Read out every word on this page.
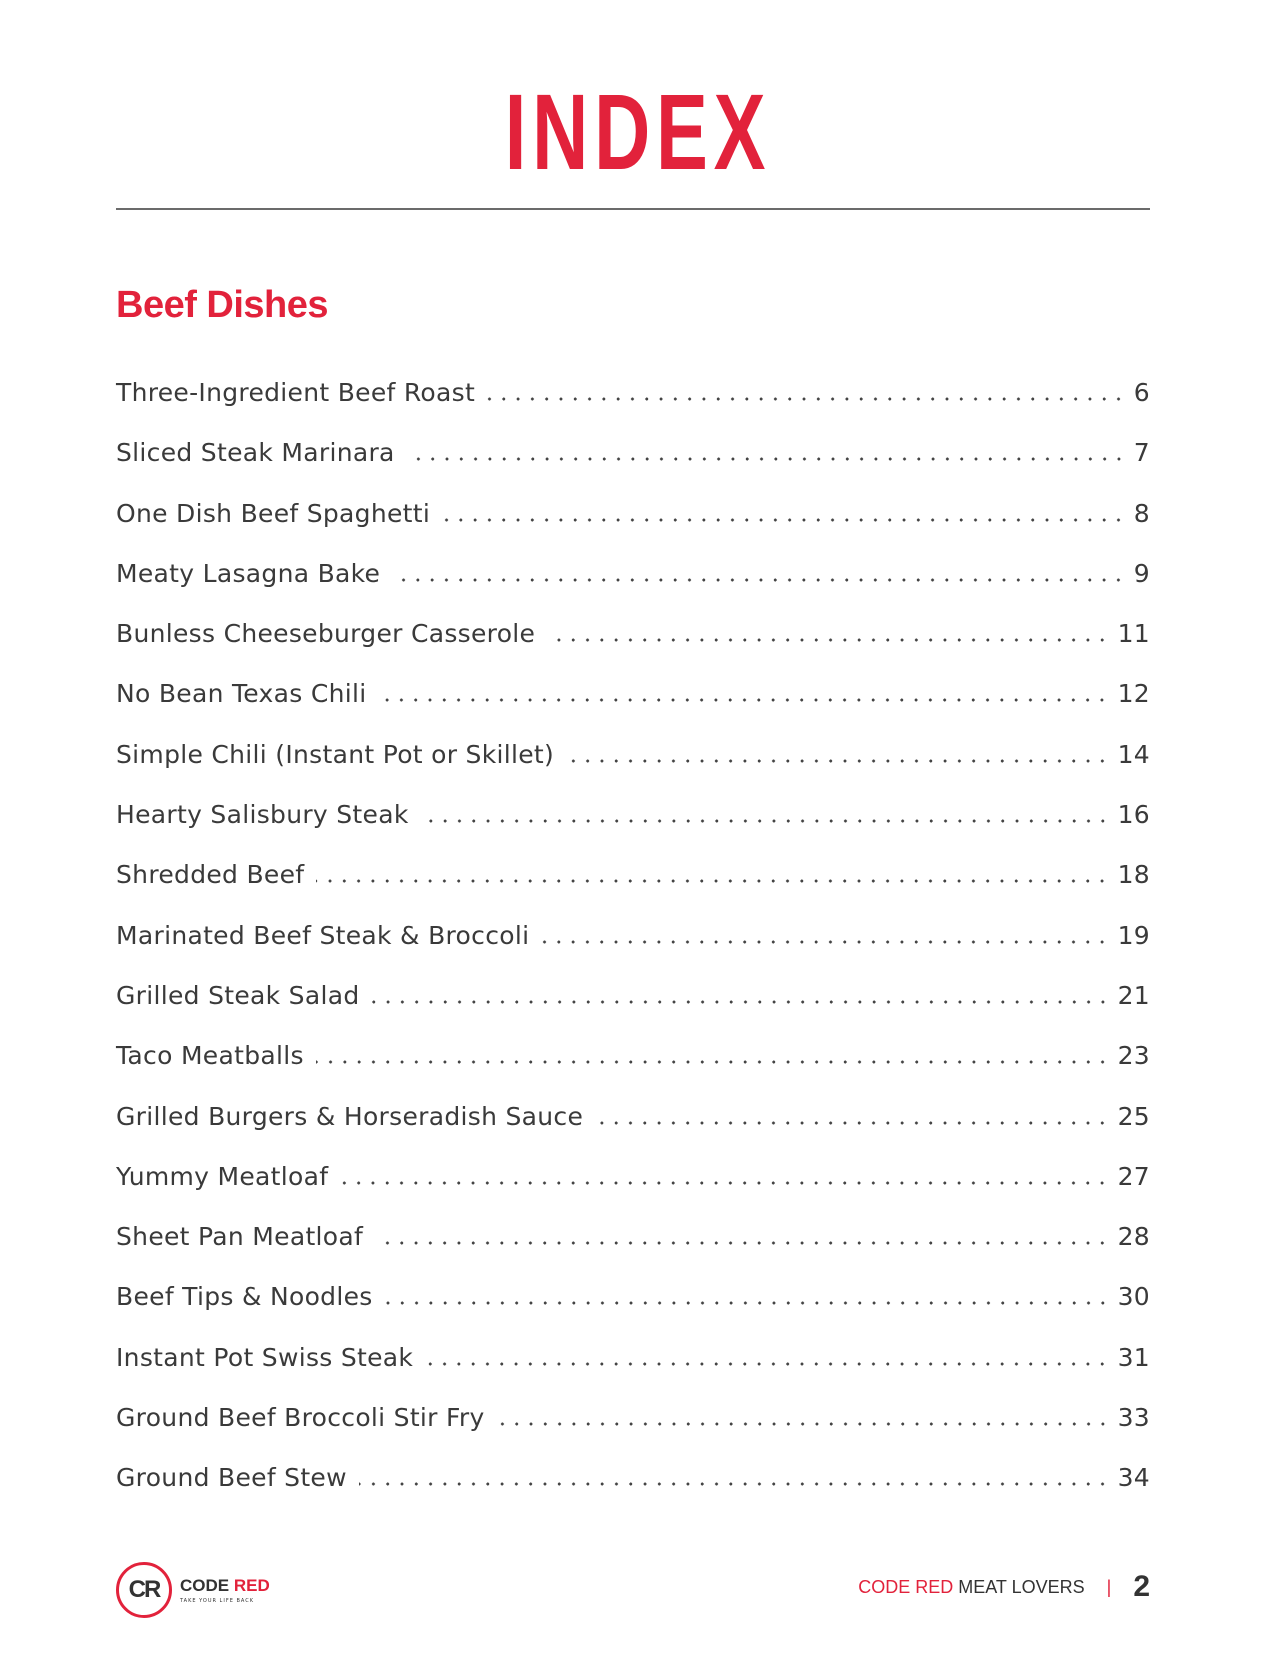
INDEX
Beef Dishes
Three-Ingredient Beef Roast	6
Sliced Steak Marinara	7
One Dish Beef Spaghetti	8
Meaty Lasagna Bake	9
Bunless Cheeseburger Casserole	11
No Bean Texas Chili	12
Simple Chili (Instant Pot or Skillet)	14
Hearty Salisbury Steak	16
Shredded Beef	18
Marinated Beef Steak & Broccoli	19
Grilled Steak Salad	21
Taco Meatballs	23
Grilled Burgers & Horseradish Sauce	25
Yummy Meatloaf	27
Sheet Pan Meatloaf	28
Beef Tips & Noodles	30
Instant Pot Swiss Steak	31
Ground Beef Broccoli Stir Fry	33
Ground Beef Stew	34
CR	CODE RED
TAKE YOUR LIFE BACK
CODE RED MEAT LOVERS | 2
